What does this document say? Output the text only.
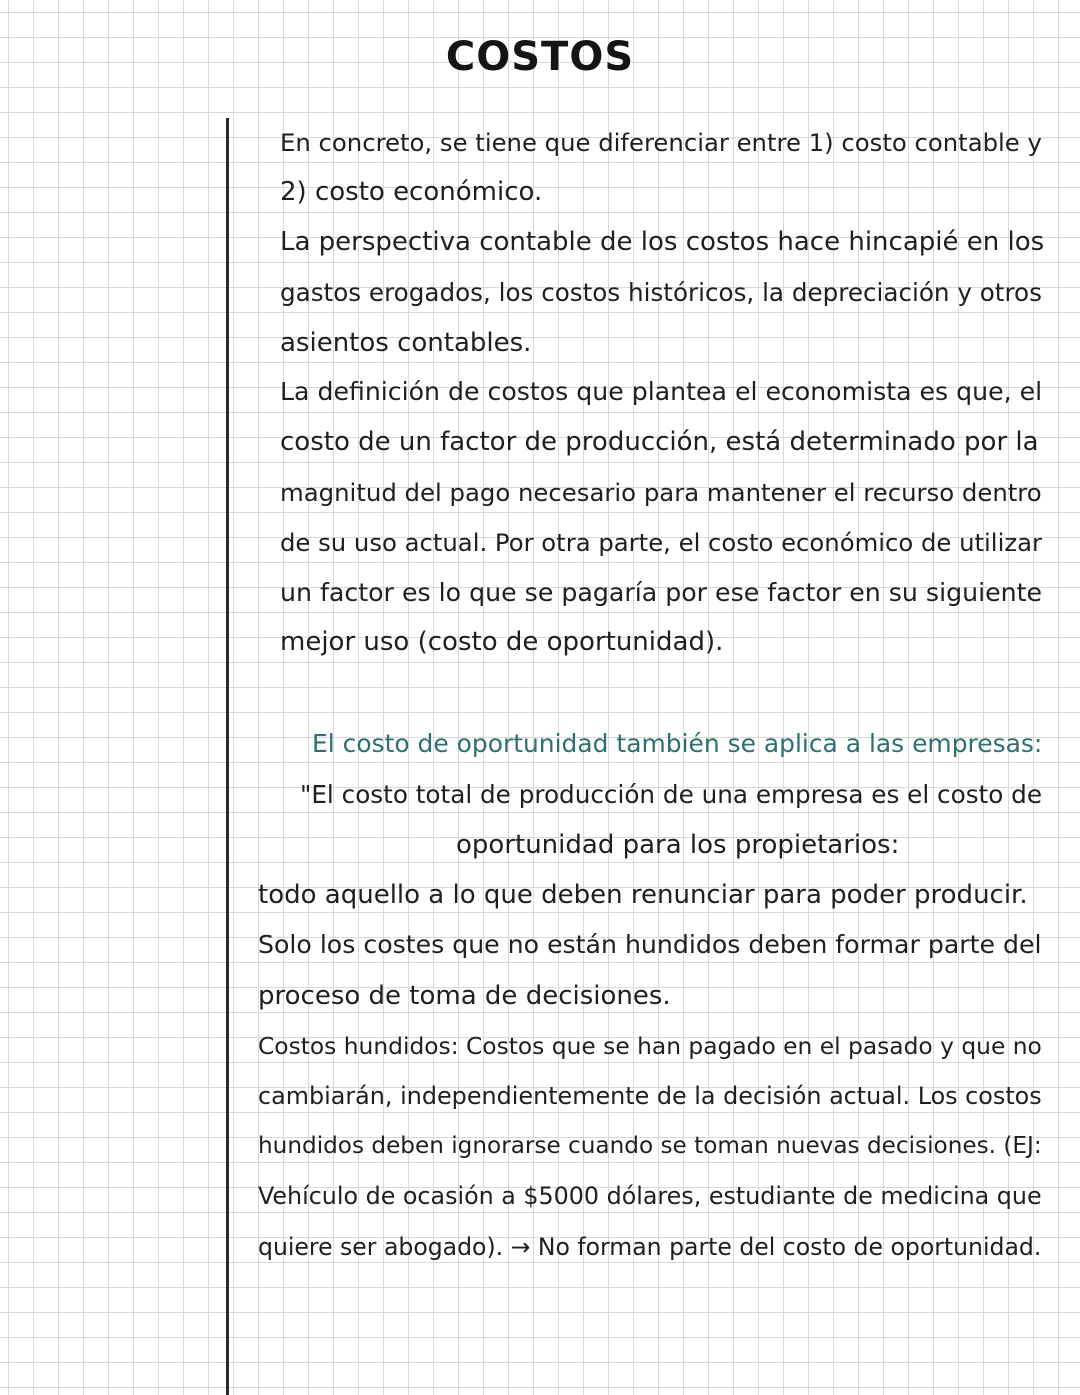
COSTOS
En concreto, se tiene que diferenciar entre 1) costo contable y
2) costo económico.
La perspectiva contable de los costos hace hincapié en los
gastos erogados, los costos históricos, la depreciación y otros
asientos contables.
La definición de costos que plantea el economista es que, el
costo de un factor de producción, está determinado por la
magnitud del pago necesario para mantener el recurso dentro
de su uso actual. Por otra parte, el costo económico de utilizar
un factor es lo que se pagaría por ese factor en su siguiente
mejor uso (costo de oportunidad).
El costo de oportunidad también se aplica a las empresas:
"El costo total de producción de una empresa es el costo de
oportunidad para los propietarios:
todo aquello a lo que deben renunciar para poder producir.
Solo los costes que no están hundidos deben formar parte del
proceso de toma de decisiones.
Costos hundidos: Costos que se han pagado en el pasado y que no
cambiarán, independientemente de la decisión actual. Los costos
hundidos deben ignorarse cuando se toman nuevas decisiones. (EJ:
Vehículo de ocasión a $5000 dólares, estudiante de medicina que
quiere ser abogado). → No forman parte del costo de oportunidad.
